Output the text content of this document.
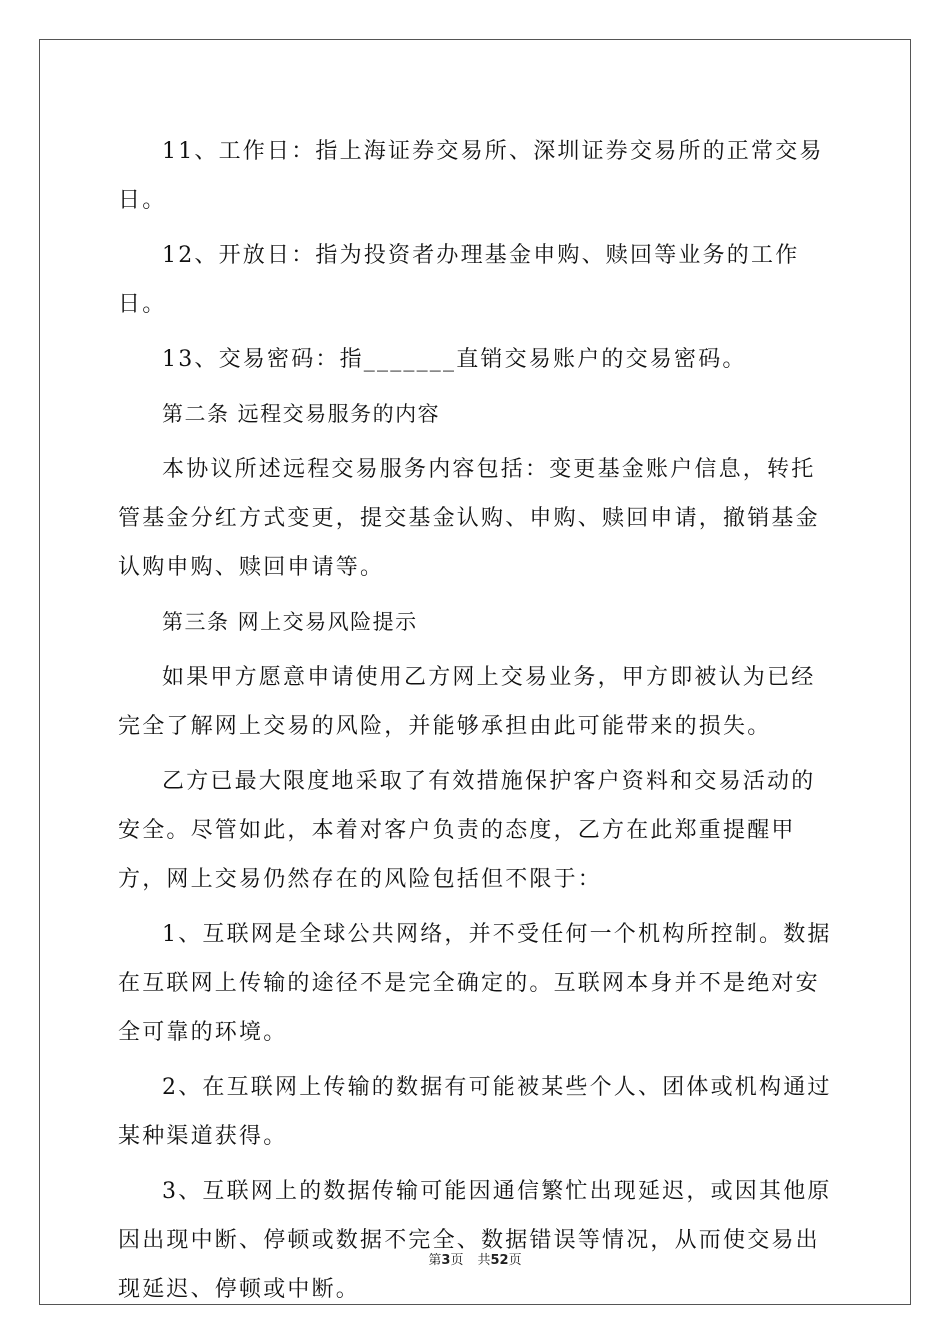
11、工作日：指上海证券交易所、深圳证券交易所的正常交易日。

12、开放日：指为投资者办理基金申购、赎回等业务的工作日。

13、交易密码：指_______直销交易账户的交易密码。

第二条 远程交易服务的内容

本协议所述远程交易服务内容包括：变更基金账户信息，转托管基金分红方式变更，提交基金认购、申购、赎回申请，撤销基金认购申购、赎回申请等。

第三条 网上交易风险提示

如果甲方愿意申请使用乙方网上交易业务，甲方即被认为已经完全了解网上交易的风险，并能够承担由此可能带来的损失。

乙方已最大限度地采取了有效措施保护客户资料和交易活动的安全。尽管如此，本着对客户负责的态度，乙方在此郑重提醒甲方，网上交易仍然存在的风险包括但不限于：

1、互联网是全球公共网络，并不受任何一个机构所控制。数据在互联网上传输的途径不是完全确定的。互联网本身并不是绝对安全可靠的环境。

2、在互联网上传输的数据有可能被某些个人、团体或机构通过某种渠道获得。

3、互联网上的数据传输可能因通信繁忙出现延迟，或因其他原因出现中断、停顿或数据不完全、数据错误等情况，从而使交易出现延迟、停顿或中断。

第3页 共52页
